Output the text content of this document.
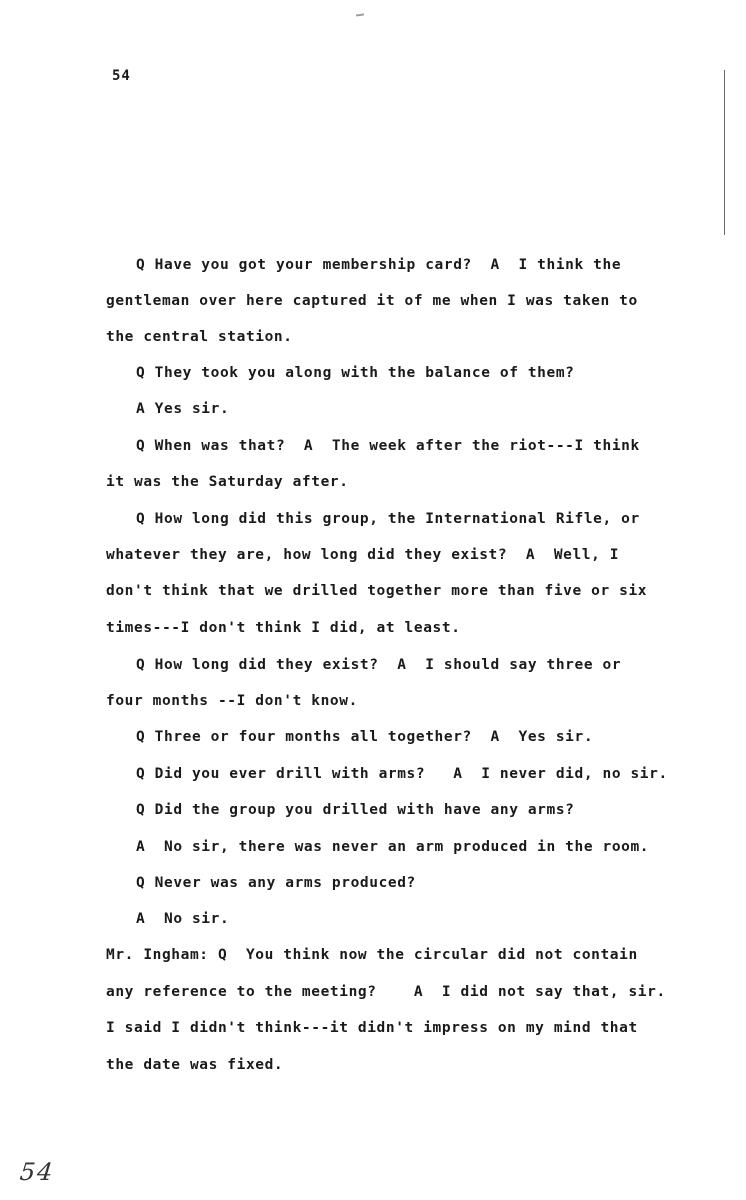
54
Q Have you got your membership card?  A  I think the
gentleman over here captured it of me when I was taken to
the central station.
Q They took you along with the balance of them?
A Yes sir.
Q When was that?  A  The week after the riot---I think
it was the Saturday after.
Q How long did this group, the International Rifle, or
whatever they are, how long did they exist?  A  Well, I
don't think that we drilled together more than five or six
times---I don't think I did, at least.
Q How long did they exist?  A  I should say three or
four months --I don't know.
Q Three or four months all together?  A  Yes sir.
Q Did you ever drill with arms?   A  I never did, no sir.
Q Did the group you drilled with have any arms?
A  No sir, there was never an arm produced in the room.
Q Never was any arms produced?
A  No sir.
Mr. Ingham: Q  You think now the circular did not contain
any reference to the meeting?    A  I did not say that, sir.
I said I didn't think---it didn't impress on my mind that
the date was fixed.
54
